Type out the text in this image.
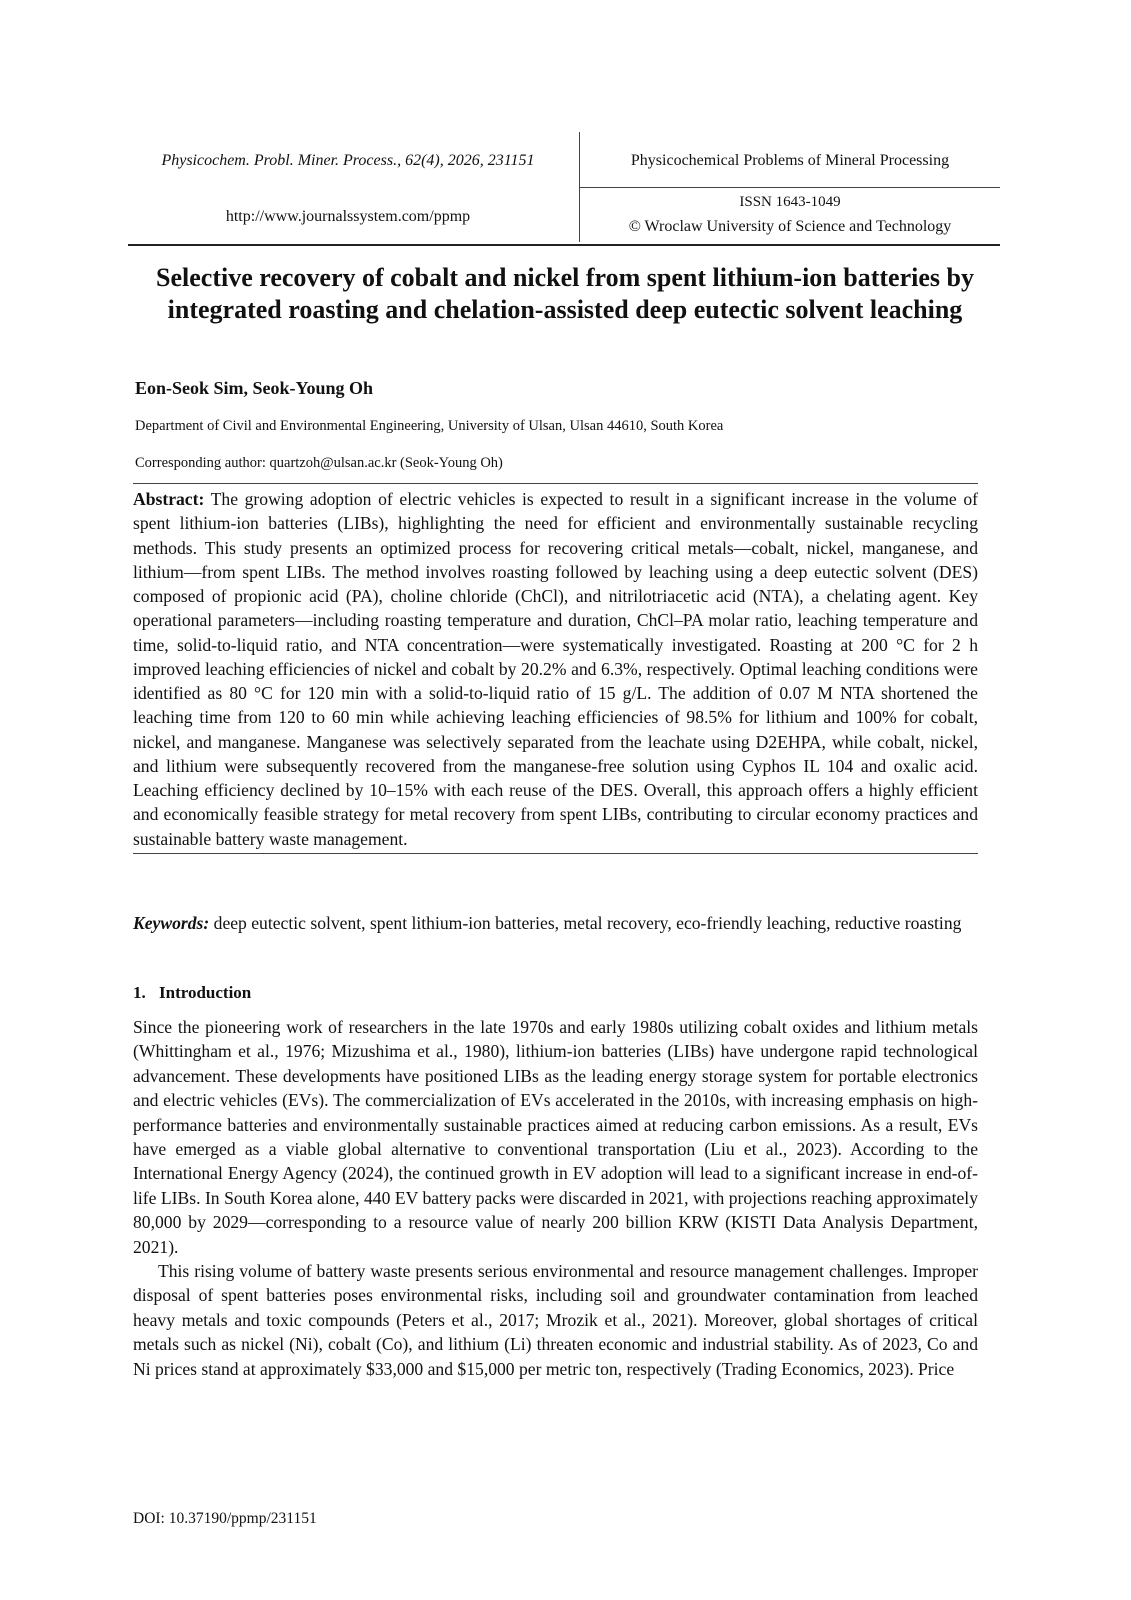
Physicochem. Probl. Miner. Process., 62(4), 2026, 231151
http://www.journalssystem.com/ppmp
Physicochemical Problems of Mineral Processing
ISSN 1643-1049
© Wroclaw University of Science and Technology
Selective recovery of cobalt and nickel from spent lithium-ion batteries by integrated roasting and chelation-assisted deep eutectic solvent leaching
Eon-Seok Sim, Seok-Young Oh
Department of Civil and Environmental Engineering, University of Ulsan, Ulsan 44610, South Korea
Corresponding author: quartzoh@ulsan.ac.kr (Seok-Young Oh)

Abstract: The growing adoption of electric vehicles is expected to result in a significant increase in the volume of spent lithium-ion batteries (LIBs), highlighting the need for efficient and environmentally sustainable recycling methods. This study presents an optimized process for recovering critical metals—cobalt, nickel, manganese, and lithium—from spent LIBs. The method involves roasting followed by leaching using a deep eutectic solvent (DES) composed of propionic acid (PA), choline chloride (ChCl), and nitrilotriacetic acid (NTA), a chelating agent. Key operational parameters—including roasting temperature and duration, ChCl–PA molar ratio, leaching temperature and time, solid-to-liquid ratio, and NTA concentration—were systematically investigated. Roasting at 200 °C for 2 h improved leaching efficiencies of nickel and cobalt by 20.2% and 6.3%, respectively. Optimal leaching conditions were identified as 80 °C for 120 min with a solid-to-liquid ratio of 15 g/L. The addition of 0.07 M NTA shortened the leaching time from 120 to 60 min while achieving leaching efficiencies of 98.5% for lithium and 100% for cobalt, nickel, and manganese. Manganese was selectively separated from the leachate using D2EHPA, while cobalt, nickel, and lithium were subsequently recovered from the manganese-free solution using Cyphos IL 104 and oxalic acid. Leaching efficiency declined by 10–15% with each reuse of the DES. Overall, this approach offers a highly efficient and economically feasible strategy for metal recovery from spent LIBs, contributing to circular economy practices and sustainable battery waste management.

Keywords: deep eutectic solvent, spent lithium-ion batteries, metal recovery, eco-friendly leaching, reductive roasting

1. Introduction

Since the pioneering work of researchers in the late 1970s and early 1980s utilizing cobalt oxides and lithium metals (Whittingham et al., 1976; Mizushima et al., 1980), lithium-ion batteries (LIBs) have undergone rapid technological advancement. These developments have positioned LIBs as the leading energy storage system for portable electronics and electric vehicles (EVs). The commercialization of EVs accelerated in the 2010s, with increasing emphasis on high-performance batteries and environmentally sustainable practices aimed at reducing carbon emissions. As a result, EVs have emerged as a viable global alternative to conventional transportation (Liu et al., 2023). According to the International Energy Agency (2024), the continued growth in EV adoption will lead to a significant increase in end-of-life LIBs. In South Korea alone, 440 EV battery packs were discarded in 2021, with projections reaching approximately 80,000 by 2029—corresponding to a resource value of nearly 200 billion KRW (KISTI Data Analysis Department, 2021).

This rising volume of battery waste presents serious environmental and resource management challenges. Improper disposal of spent batteries poses environmental risks, including soil and groundwater contamination from leached heavy metals and toxic compounds (Peters et al., 2017; Mrozik et al., 2021). Moreover, global shortages of critical metals such as nickel (Ni), cobalt (Co), and lithium (Li) threaten economic and industrial stability. As of 2023, Co and Ni prices stand at approximately $33,000 and $15,000 per metric ton, respectively (Trading Economics, 2023). Price

DOI: 10.37190/ppmp/231151
